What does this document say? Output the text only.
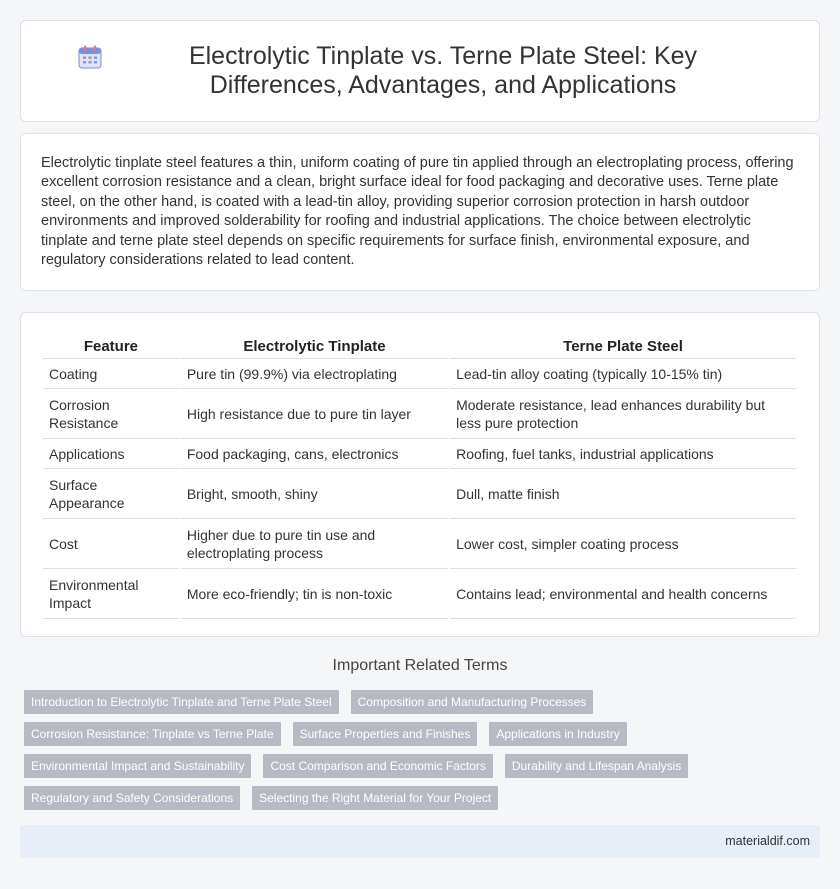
Electrolytic Tinplate vs. Terne Plate Steel: Key Differences, Advantages, and Applications

Electrolytic tinplate steel features a thin, uniform coating of pure tin applied through an electroplating process, offering excellent corrosion resistance and a clean, bright surface ideal for food packaging and decorative uses. Terne plate steel, on the other hand, is coated with a lead-tin alloy, providing superior corrosion protection in harsh outdoor environments and improved solderability for roofing and industrial applications. The choice between electrolytic tinplate and terne plate steel depends on specific requirements for surface finish, environmental exposure, and regulatory considerations related to lead content.

Feature	Electrolytic Tinplate	Terne Plate Steel
Coating	Pure tin (99.9%) via electroplating	Lead-tin alloy coating (typically 10-15% tin)
Corrosion Resistance	High resistance due to pure tin layer	Moderate resistance, lead enhances durability but less pure protection
Applications	Food packaging, cans, electronics	Roofing, fuel tanks, industrial applications
Surface Appearance	Bright, smooth, shiny	Dull, matte finish
Cost	Higher due to pure tin use and electroplating process	Lower cost, simpler coating process
Environmental Impact	More eco-friendly; tin is non-toxic	Contains lead; environmental and health concerns
Important Related Terms
Introduction to Electrolytic Tinplate and Terne Plate Steel	Composition and Manufacturing Processes
Corrosion Resistance: Tinplate vs Terne Plate	Surface Properties and Finishes	Applications in Industry
Environmental Impact and Sustainability	Cost Comparison and Economic Factors	Durability and Lifespan Analysis
Regulatory and Safety Considerations	Selecting the Right Material for Your Project
materialdif.com
